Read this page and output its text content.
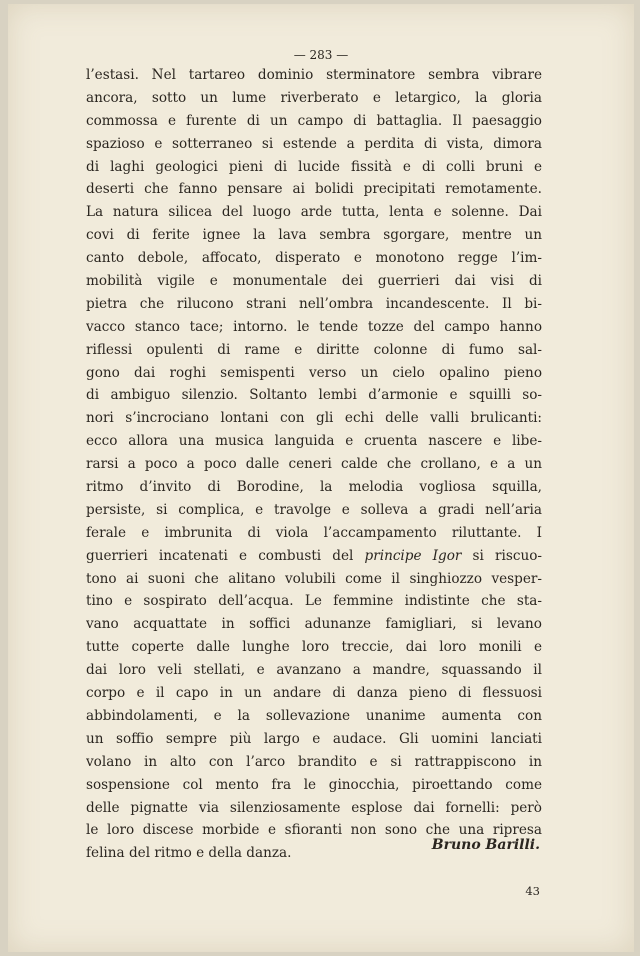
— 283 —
l’estasi. Nel tartareo dominio sterminatore sembra vibrare
ancora, sotto un lume riverberato e letargico, la gloria
commossa e furente di un campo di battaglia. Il paesaggio
spazioso e sotterraneo si estende a perdita di vista, dimora
di laghi geologici pieni di lucide fissità e di colli bruni e
deserti che fanno pensare ai bolidi precipitati remotamente.
La natura silicea del luogo arde tutta, lenta e solenne. Dai
covi di ferite ignee la lava sembra sgorgare, mentre un
canto debole, affocato, disperato e monotono regge l’im-
mobilità vigile e monumentale dei guerrieri dai visi di
pietra che rilucono strani nell’ombra incandescente. Il bi-
vacco stanco tace; intorno. le tende tozze del campo hanno
riflessi opulenti di rame e diritte colonne di fumo sal-
gono dai roghi semispenti verso un cielo opalino pieno
di ambiguo silenzio. Soltanto lembi d’armonie e squilli so-
nori s’incrociano lontani con gli echi delle valli brulicanti:
ecco allora una musica languida e cruenta nascere e libe-
rarsi a poco a poco dalle ceneri calde che crollano, e a un
ritmo d’invito di Borodine, la melodia vogliosa squilla,
persiste, si complica, e travolge e solleva a gradi nell’aria
ferale e imbrunita di viola l’accampamento riluttante. I
guerrieri incatenati e combusti del principe Igor si riscuo-
tono ai suoni che alitano volubili come il singhiozzo vesper-
tino e sospirato dell’acqua. Le femmine indistinte che sta-
vano acquattate in soffici adunanze famigliari, si levano
tutte coperte dalle lunghe loro treccie, dai loro monili e
dai loro veli stellati, e avanzano a mandre, squassando il
corpo e il capo in un andare di danza pieno di flessuosi
abbindolamenti, e la sollevazione unanime aumenta con
un soffio sempre più largo e audace. Gli uomini lanciati
volano in alto con l’arco brandito e si rattrappiscono in
sospensione col mento fra le ginocchia, piroettando come
delle pignatte via silenziosamente esplose dai fornelli: però
le loro discese morbide e sfioranti non sono che una ripresa
felina del ritmo e della danza.
Bruno Barilli.
43
